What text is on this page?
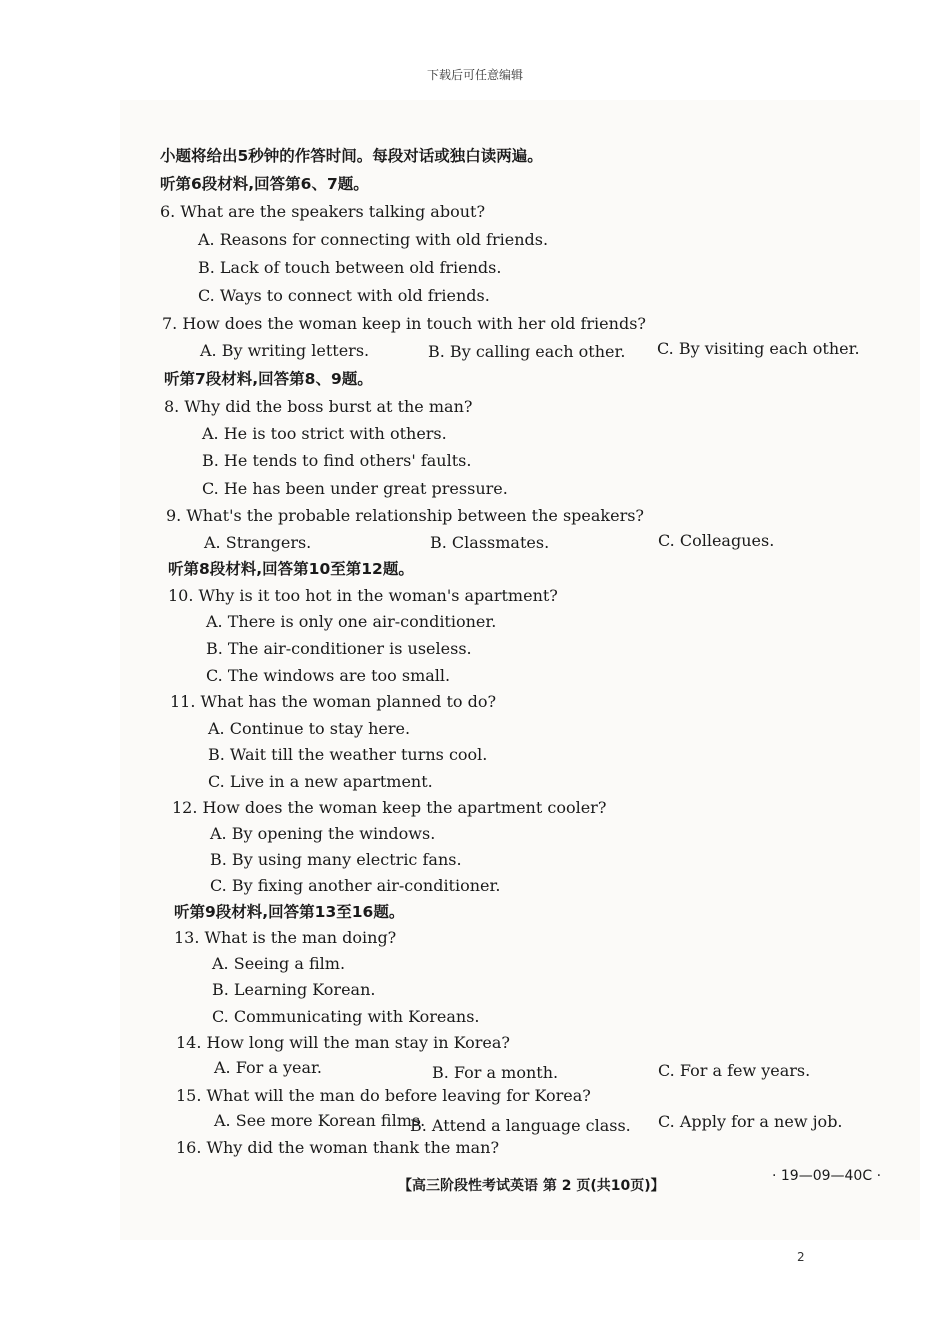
下载后可任意编辑
小题将给出5秒钟的作答时间。每段对话或独白读两遍。
听第6段材料,回答第6、7题。
6. What are the speakers talking about?
A. Reasons for connecting with old friends.
B. Lack of touch between old friends.
C. Ways to connect with old friends.
7. How does the woman keep in touch with her old friends?
A. By writing letters.	B. By calling each other. C. By visiting each other.
听第7段材料,回答第8、9题。
8. Why did the boss burst at the man?
A. He is too strict with others.
B. He tends to find others' faults.
C. He has been under great pressure.
9. What's the probable relationship between the speakers?
A. Strangers.	B. Classmates.	C. Colleagues.
听第8段材料,回答第10至第12题。
10. Why is it too hot in the woman's apartment?
A. There is only one air-conditioner.
B. The air-conditioner is useless.
C. The windows are too small.
11. What has the woman planned to do?
A. Continue to stay here.
B. Wait till the weather turns cool.
C. Live in a new apartment.
12. How does the woman keep the apartment cooler?
A. By opening the windows.
B. By using many electric fans.
C. By fixing another air-conditioner.
听第9段材料,回答第13至16题。
13. What is the man doing?
A. Seeing a film.
B. Learning Korean.
C. Communicating with Koreans.
14. How long will the man stay in Korea?
A. For a year.	B. For a month.	C. For a few years.
15. What will the man do before leaving for Korea?
A. See more Korean films.
B. Attend a language class. C. Apply for a new job.
16. Why did the woman thank the man?
【高三阶段性考试英语 第 2 页(共10页)】
· 19—09—40C ·
2
